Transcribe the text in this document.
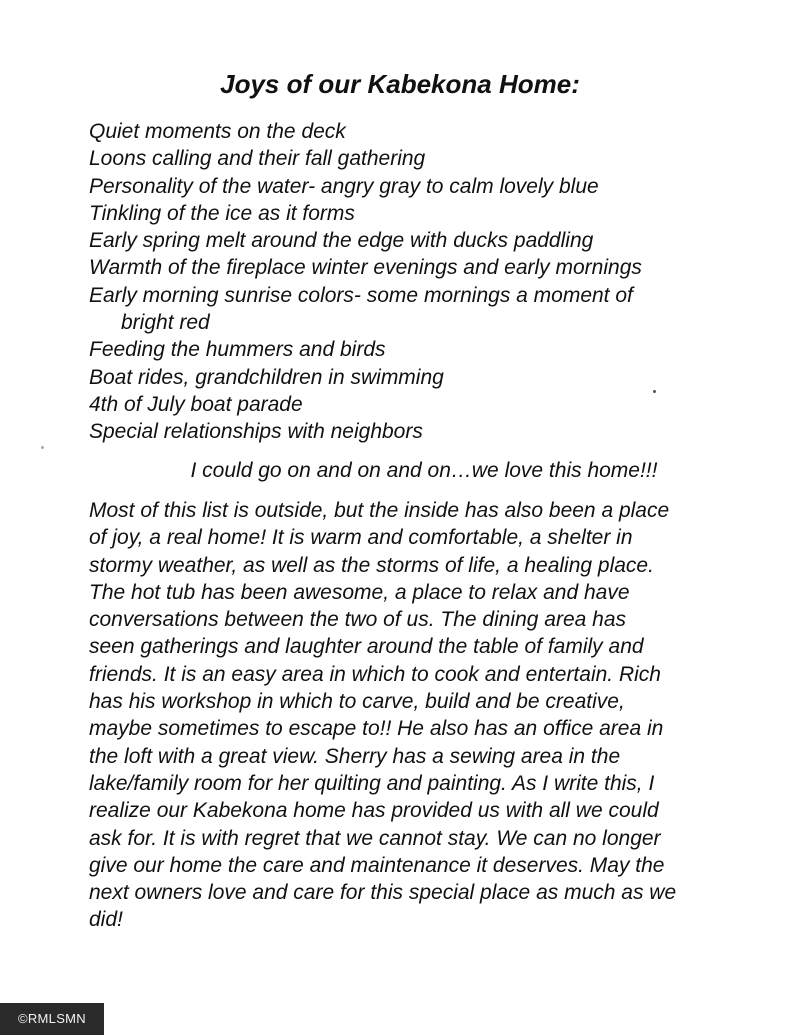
Joys of our Kabekona Home:
Quiet moments on the deck
Loons calling and their fall gathering
Personality of the water- angry gray to calm lovely blue
Tinkling of the ice as it forms
Early spring melt around the edge with ducks paddling
Warmth of the fireplace winter evenings and early mornings
Early morning sunrise colors- some mornings a moment of
bright red
Feeding the hummers and birds
Boat rides, grandchildren in swimming
4th of July boat parade
Special relationships with neighbors

I could go on and on and on…we love this home!!!

Most of this list is outside, but the inside has also been a place
of joy, a real home! It is warm and comfortable, a shelter in
stormy weather, as well as the storms of life, a healing place.
The hot tub has been awesome, a place to relax and have
conversations between the two of us. The dining area has
seen gatherings and laughter around the table of family and
friends. It is an easy area in which to cook and entertain. Rich
has his workshop in which to carve, build and be creative,
maybe sometimes to escape to!! He also has an office area in
the loft with a great view. Sherry has a sewing area in the
lake/family room for her quilting and painting. As I write this, I
realize our Kabekona home has provided us with all we could
ask for. It is with regret that we cannot stay. We can no longer
give our home the care and maintenance it deserves. May the
next owners love and care for this special place as much as we
did!
©RMLSMN
